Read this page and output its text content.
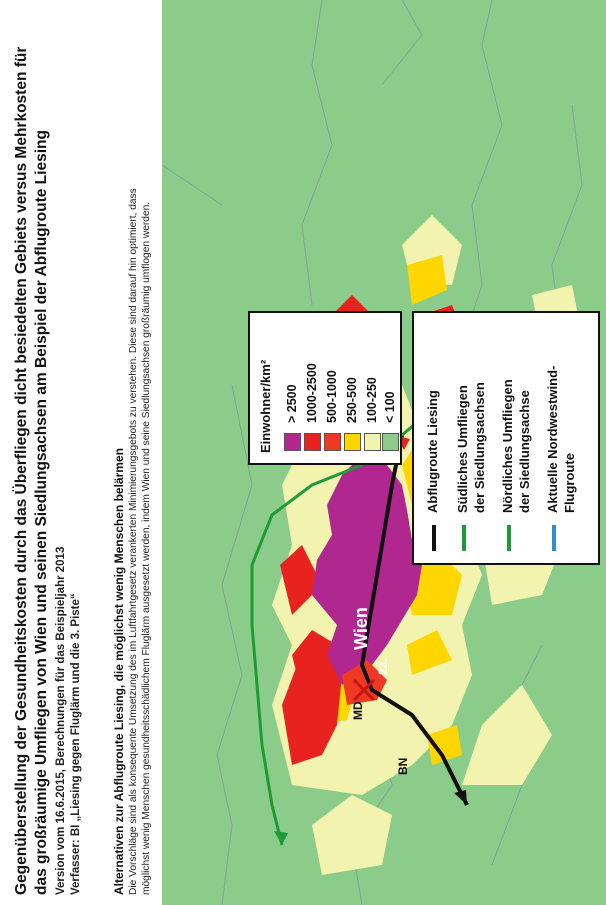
Gegenüberstellung der Gesundheitskosten durch das Überfliegen dicht besiedelten Gebiets versus Mehrkosten für das großräumige Umfliegen von Wien und seinen Siedlungsachsen am Beispiel der Abflugroute Liesing Version vom 16.6.2015, Berechnungen für das Beispieljahr 2013 Verfasser: BI „Liesing gegen Fluglärm und die 3. Piste“	Alternativen zur Abflugroute Liesing, die möglichst wenig Menschen belärmen Die Vorschläge sind als konsequente Umsetzung des im Luftfahrtgesetz verankerten Minimierungsgebots zu verstehen. Diese sind darauf hin optimiert, dass möglichst wenig Menschen gesundheitsschädlichem Fluglärm ausgesetzt werden, indem Wien und seine Siedlungsachsen großräumig umflogen werden.	Wien
23.
MD
BN
Einwohner/km² > 2500 1000-2500 500-1000 250-500 100-250 < 100 Abflugroute Liesing Südliches Umfliegen der Siedlungsachsen Nördliches Umfliegen der Siedlungsachse Aktuelle Nordwestwind-Flugroute
